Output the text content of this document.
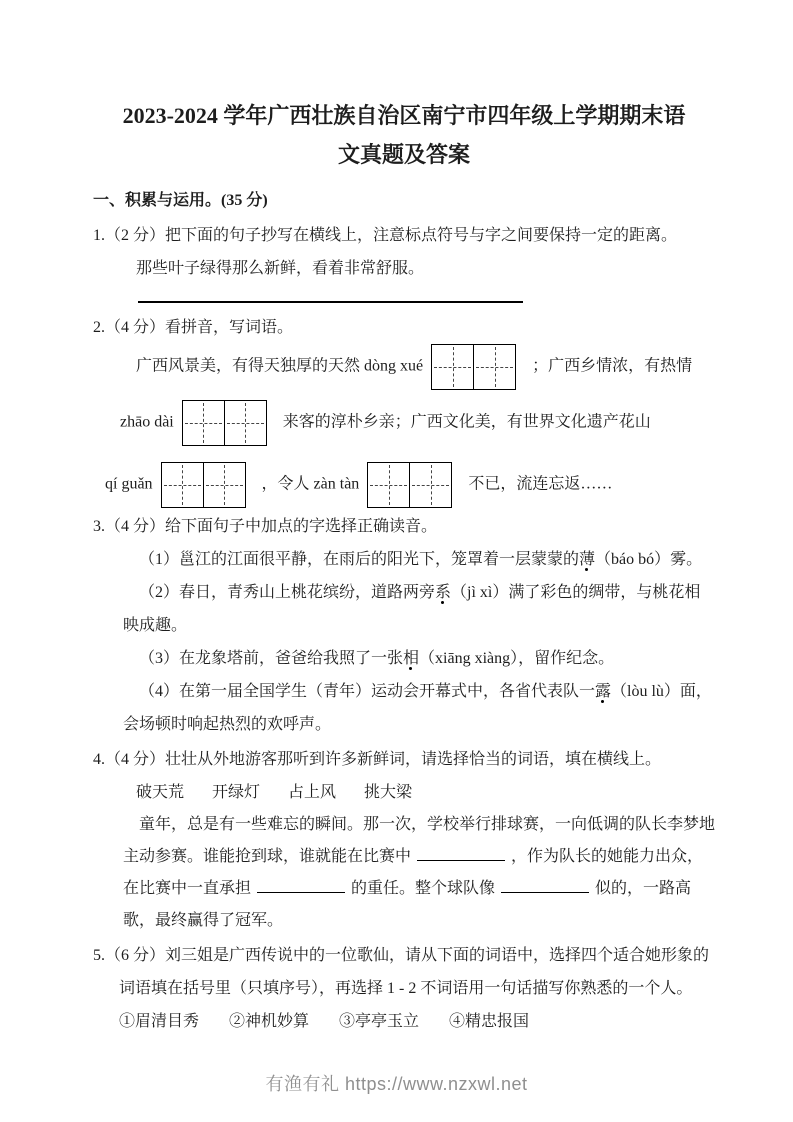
2023-2024 学年广西壮族自治区南宁市四年级上学期期末语
文真题及答案

一、积累与运用。(35 分)

1.（2 分）把下面的句子抄写在横线上，注意标点符号与字之间要保持一定的距离。

那些叶子绿得那么新鲜，看着非常舒服。

2.（4 分）看拼音，写词语。

广西风景美，有得天独厚的天然 dòng xué	；广西乡情浓，有热情

zhāo dài	来客的淳朴乡亲；广西文化美，有世界文化遗产花山

qí guǎn	，令人 zàn tàn	不已，流连忘返……

3.（4 分）给下面句子中加点的字选择正确读音。

（1）邕江的江面很平静，在雨后的阳光下，笼罩着一层蒙蒙的薄（báo bó）雾。

（2）春日，青秀山上桃花缤纷，道路两旁系（jì xì）满了彩色的绸带，与桃花相映成趣。

（3）在龙象塔前，爸爸给我照了一张相（xiāng xiàng），留作纪念。

（4）在第一届全国学生（青年）运动会开幕式中，各省代表队一露（lòu lù）面，会场顿时响起热烈的欢呼声。

4.（4 分）壮壮从外地游客那听到许多新鲜词，请选择恰当的词语，填在横线上。

破天荒 开绿灯 占上风 挑大梁

童年，总是有一些难忘的瞬间。那一次，学校举行排球赛，一向低调的队长李梦地主动参赛。谁能抢到球，谁就能在比赛中	，作为队长的她能力出众，在比赛中一直承担	的重任。整个球队像	似的，一路高歌，最终赢得了冠军。

5.（6 分）刘三姐是广西传说中的一位歌仙，请从下面的词语中，选择四个适合她形象的词语填在括号里（只填序号），再选择 1 - 2 不词语用一句话描写你熟悉的一个人。

①眉清目秀 ②神机妙算 ③亭亭玉立 ④精忠报国

有渔有礼 https://www.nzxwl.net
